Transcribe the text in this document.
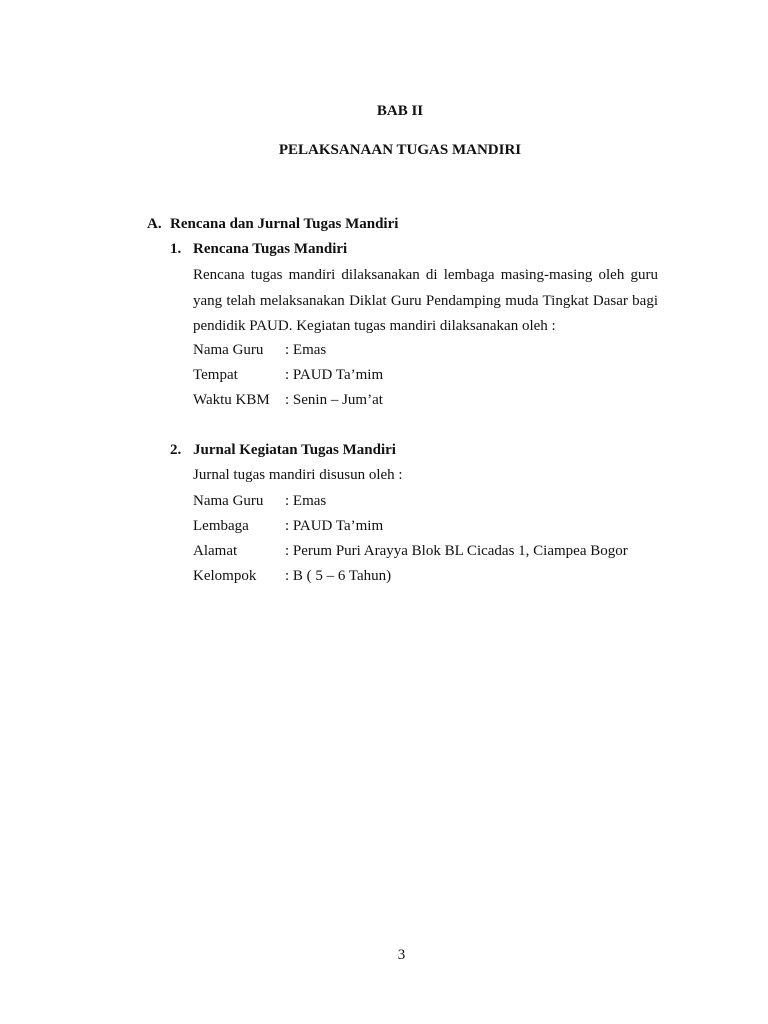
BAB II
PELAKSANAAN TUGAS MANDIRI
A. Rencana dan Jurnal Tugas Mandiri
1. Rencana Tugas Mandiri
Rencana tugas mandiri dilaksanakan di lembaga masing-masing oleh guru yang telah melaksanakan Diklat Guru Pendamping muda Tingkat Dasar bagi pendidik PAUD. Kegiatan tugas mandiri dilaksanakan oleh :
Nama Guru : Emas
Tempat	: PAUD Ta’mim
Waktu KBM : Senin – Jum’at
2. Jurnal Kegiatan Tugas Mandiri
Jurnal tugas mandiri disusun oleh :
Nama Guru : Emas
Lembaga : PAUD Ta’mim
Alamat	: Perum Puri Arayya Blok BL Cicadas 1, Ciampea Bogor
Kelompok : B ( 5 – 6 Tahun)
3
